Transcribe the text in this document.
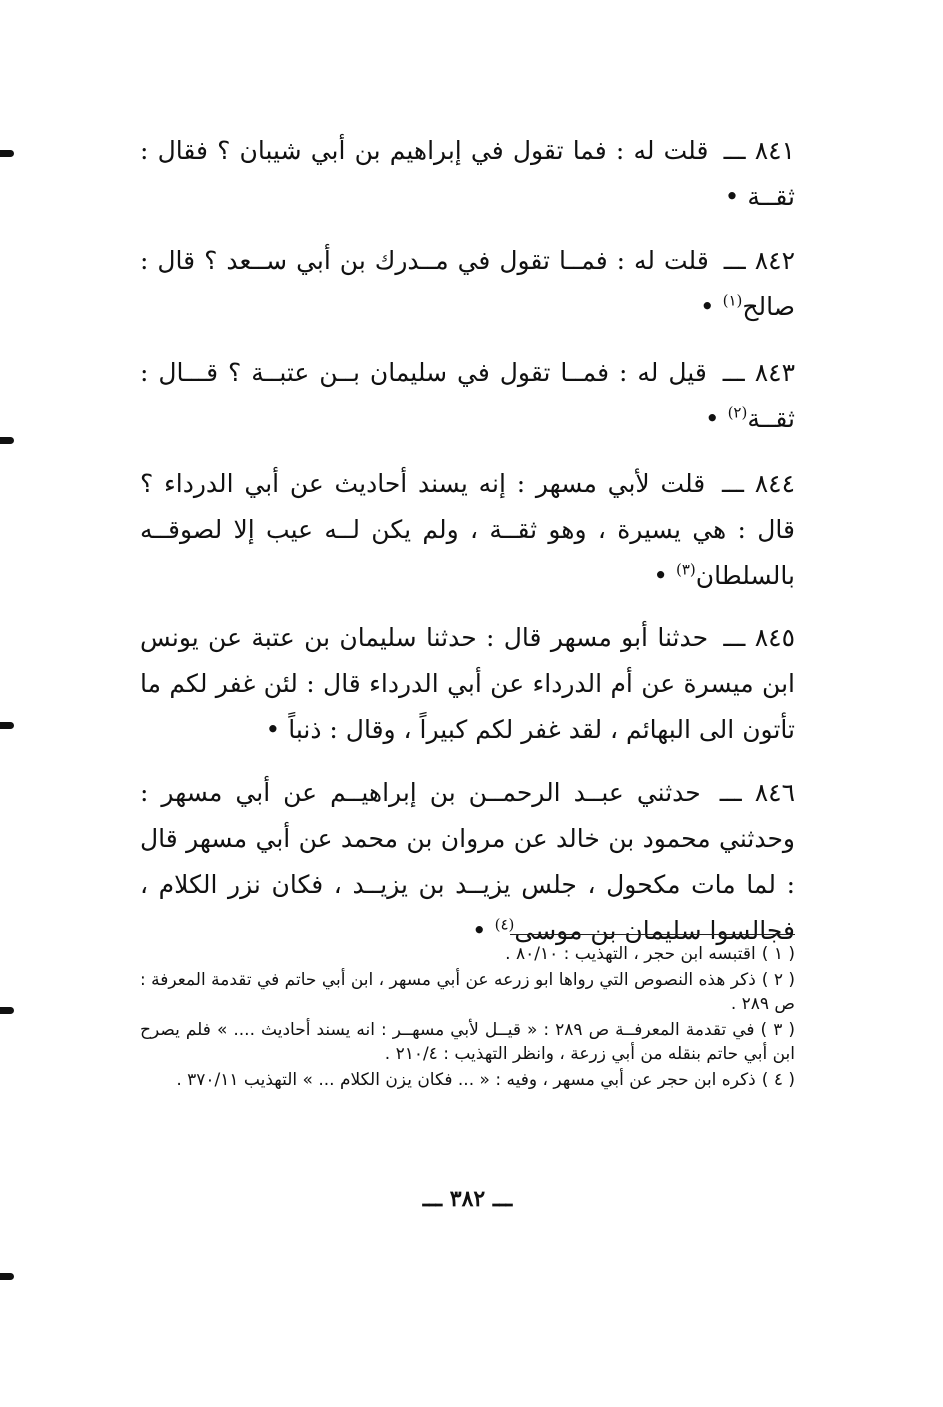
٨٤١ ـــ قلت له : فما تقول في إبراهيم بن أبي شيبان ؟ فقال : ثقــة •

٨٤٢ ـــ قلت له : فمــا تقول في مــدرك بن أبي ســعد ؟ قال : صالح$^{(١)}$ •

٨٤٣ ـــ قيل له : فمــا تقول في سليمان بــن عتبــة ؟ قـــال : ثقــة$^{(٢)}$ •

٨٤٤ ـــ قلت لأبي مسهر : إنه يسند أحاديث عن أبي الدرداء ؟ قال : هي يسيرة ، وهو ثقــة ، ولم يكن لــه عيب إلا لصوقــه بالسلطان$^{(٣)}$ •

٨٤٥ ـــ حدثنا أبو مسهر قال : حدثنا سليمان بن عتبة عن يونس ابن ميسرة عن أم الدرداء عن أبي الدرداء قال : لئن غفر لكم ما تأتون الى البهائم ، لقد غفر لكم كبيراً ، وقال : ذنباً •

٨٤٦ ـــ حدثني عبــد الرحمــن بن إبراهيــم عن أبي مسهر : وحدثني محمود بن خالد عن مروان بن محمد عن أبي مسهر قال : لما مات مكحول ، جلس يزيــد بن يزيــد ، فكان نزر الكلام ، فجالسوا سليمان بن موسى$^{(٤)}$ •

( ١ )اقتبسه ابن حجر ، التهذيب : ٨٠/١٠ .

( ٢ )ذكر هذه النصوص التي رواها ابو زرعه عن أبي مسهر ، ابن أبي حاتم في تقدمة المعرفة : ص ٢٨٩ .

( ٣ )في تقدمة المعرفــة ص ٢٨٩ : « قيــل لأبي مسهــر : انه يسند أحاديث .... » فلم يصرح ابن أبي حاتم بنقله من أبي زرعة ، وانظر التهذيب : ٢١٠/٤ .

( ٤ )ذكره ابن حجر عن أبي مسهر ، وفيه : « ... فكان يزن الكلام ... » التهذيب ٣٧٠/١١ .

ـــ ٣٨٢ ـــ
